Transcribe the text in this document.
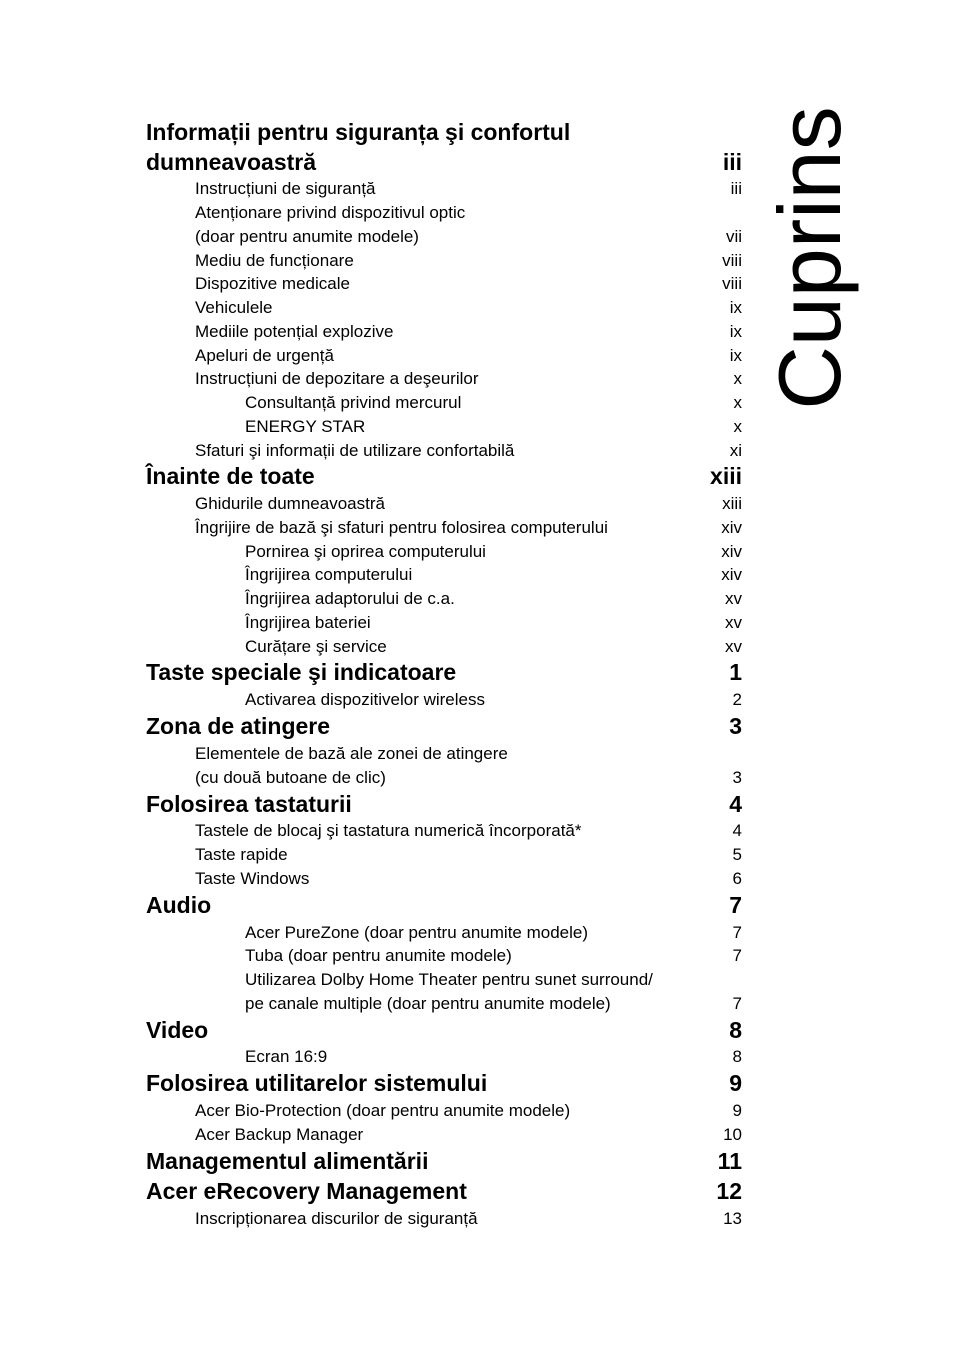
Cuprins
Informații pentru siguranța şi confortul
dumneavoastră	iii
Instrucțiuni de siguranță	iii
Atenționare privind dispozitivul optic
(doar pentru anumite modele)	vii
Mediu de funcționare	viii
Dispozitive medicale	viii
Vehiculele	ix
Mediile potențial explozive	ix
Apeluri de urgență	ix
Instrucțiuni de depozitare a deşeurilor	x
Consultanță privind mercurul	x
ENERGY STAR	x
Sfaturi şi informații de utilizare confortabilă	xi
Înainte de toate	xiii
Ghidurile dumneavoastră	xiii
Îngrijire de bază şi sfaturi pentru folosirea computerului	xiv
Pornirea şi oprirea computerului	xiv
Îngrijirea computerului	xiv
Îngrijirea adaptorului de c.a.	xv
Îngrijirea bateriei	xv
Curățare şi service	xv
Taste speciale şi indicatoare	1
Activarea dispozitivelor wireless	2
Zona de atingere	3
Elementele de bază ale zonei de atingere
(cu două butoane de clic)	3
Folosirea tastaturii	4
Tastele de blocaj şi tastatura numerică încorporată*	4
Taste rapide	5
Taste Windows	6
Audio	7
Acer PureZone (doar pentru anumite modele)	7
Tuba (doar pentru anumite modele)	7
Utilizarea Dolby Home Theater pentru sunet surround/
pe canale multiple (doar pentru anumite modele)	7
Video	8
Ecran 16:9	8
Folosirea utilitarelor sistemului	9
Acer Bio-Protection (doar pentru anumite modele)	9
Acer Backup Manager	10
Managementul alimentării	11
Acer eRecovery Management	12
Inscripționarea discurilor de siguranță	13
